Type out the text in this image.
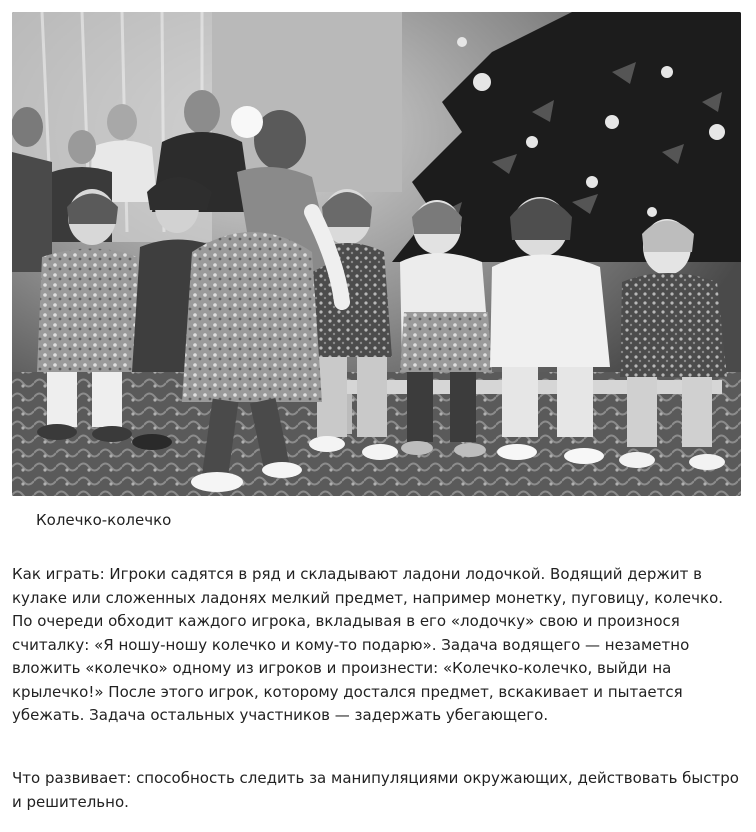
Колечко-колечко

Как играть: Игроки садятся в ряд и складывают ладони лодочкой. Водящий держит в кулаке или сложенных ладонях мелкий предмет, например монетку, пуговицу, колечко. По очереди обходит каждого игрока, вкладывая в его «лодочку» свою и произнося считалку: «Я ношу-ношу колечко и кому-то подарю». Задача водящего — незаметно вложить «колечко» одному из игроков и произнести: «Колечко-колечко, выйди на крылечко!» После этого игрок, которому достался предмет, вскакивает и пытается убежать. Задача остальных участников — задержать убегающего.

Что развивает: способность следить за манипуляциями окружающих, действовать быстро и решительно.
